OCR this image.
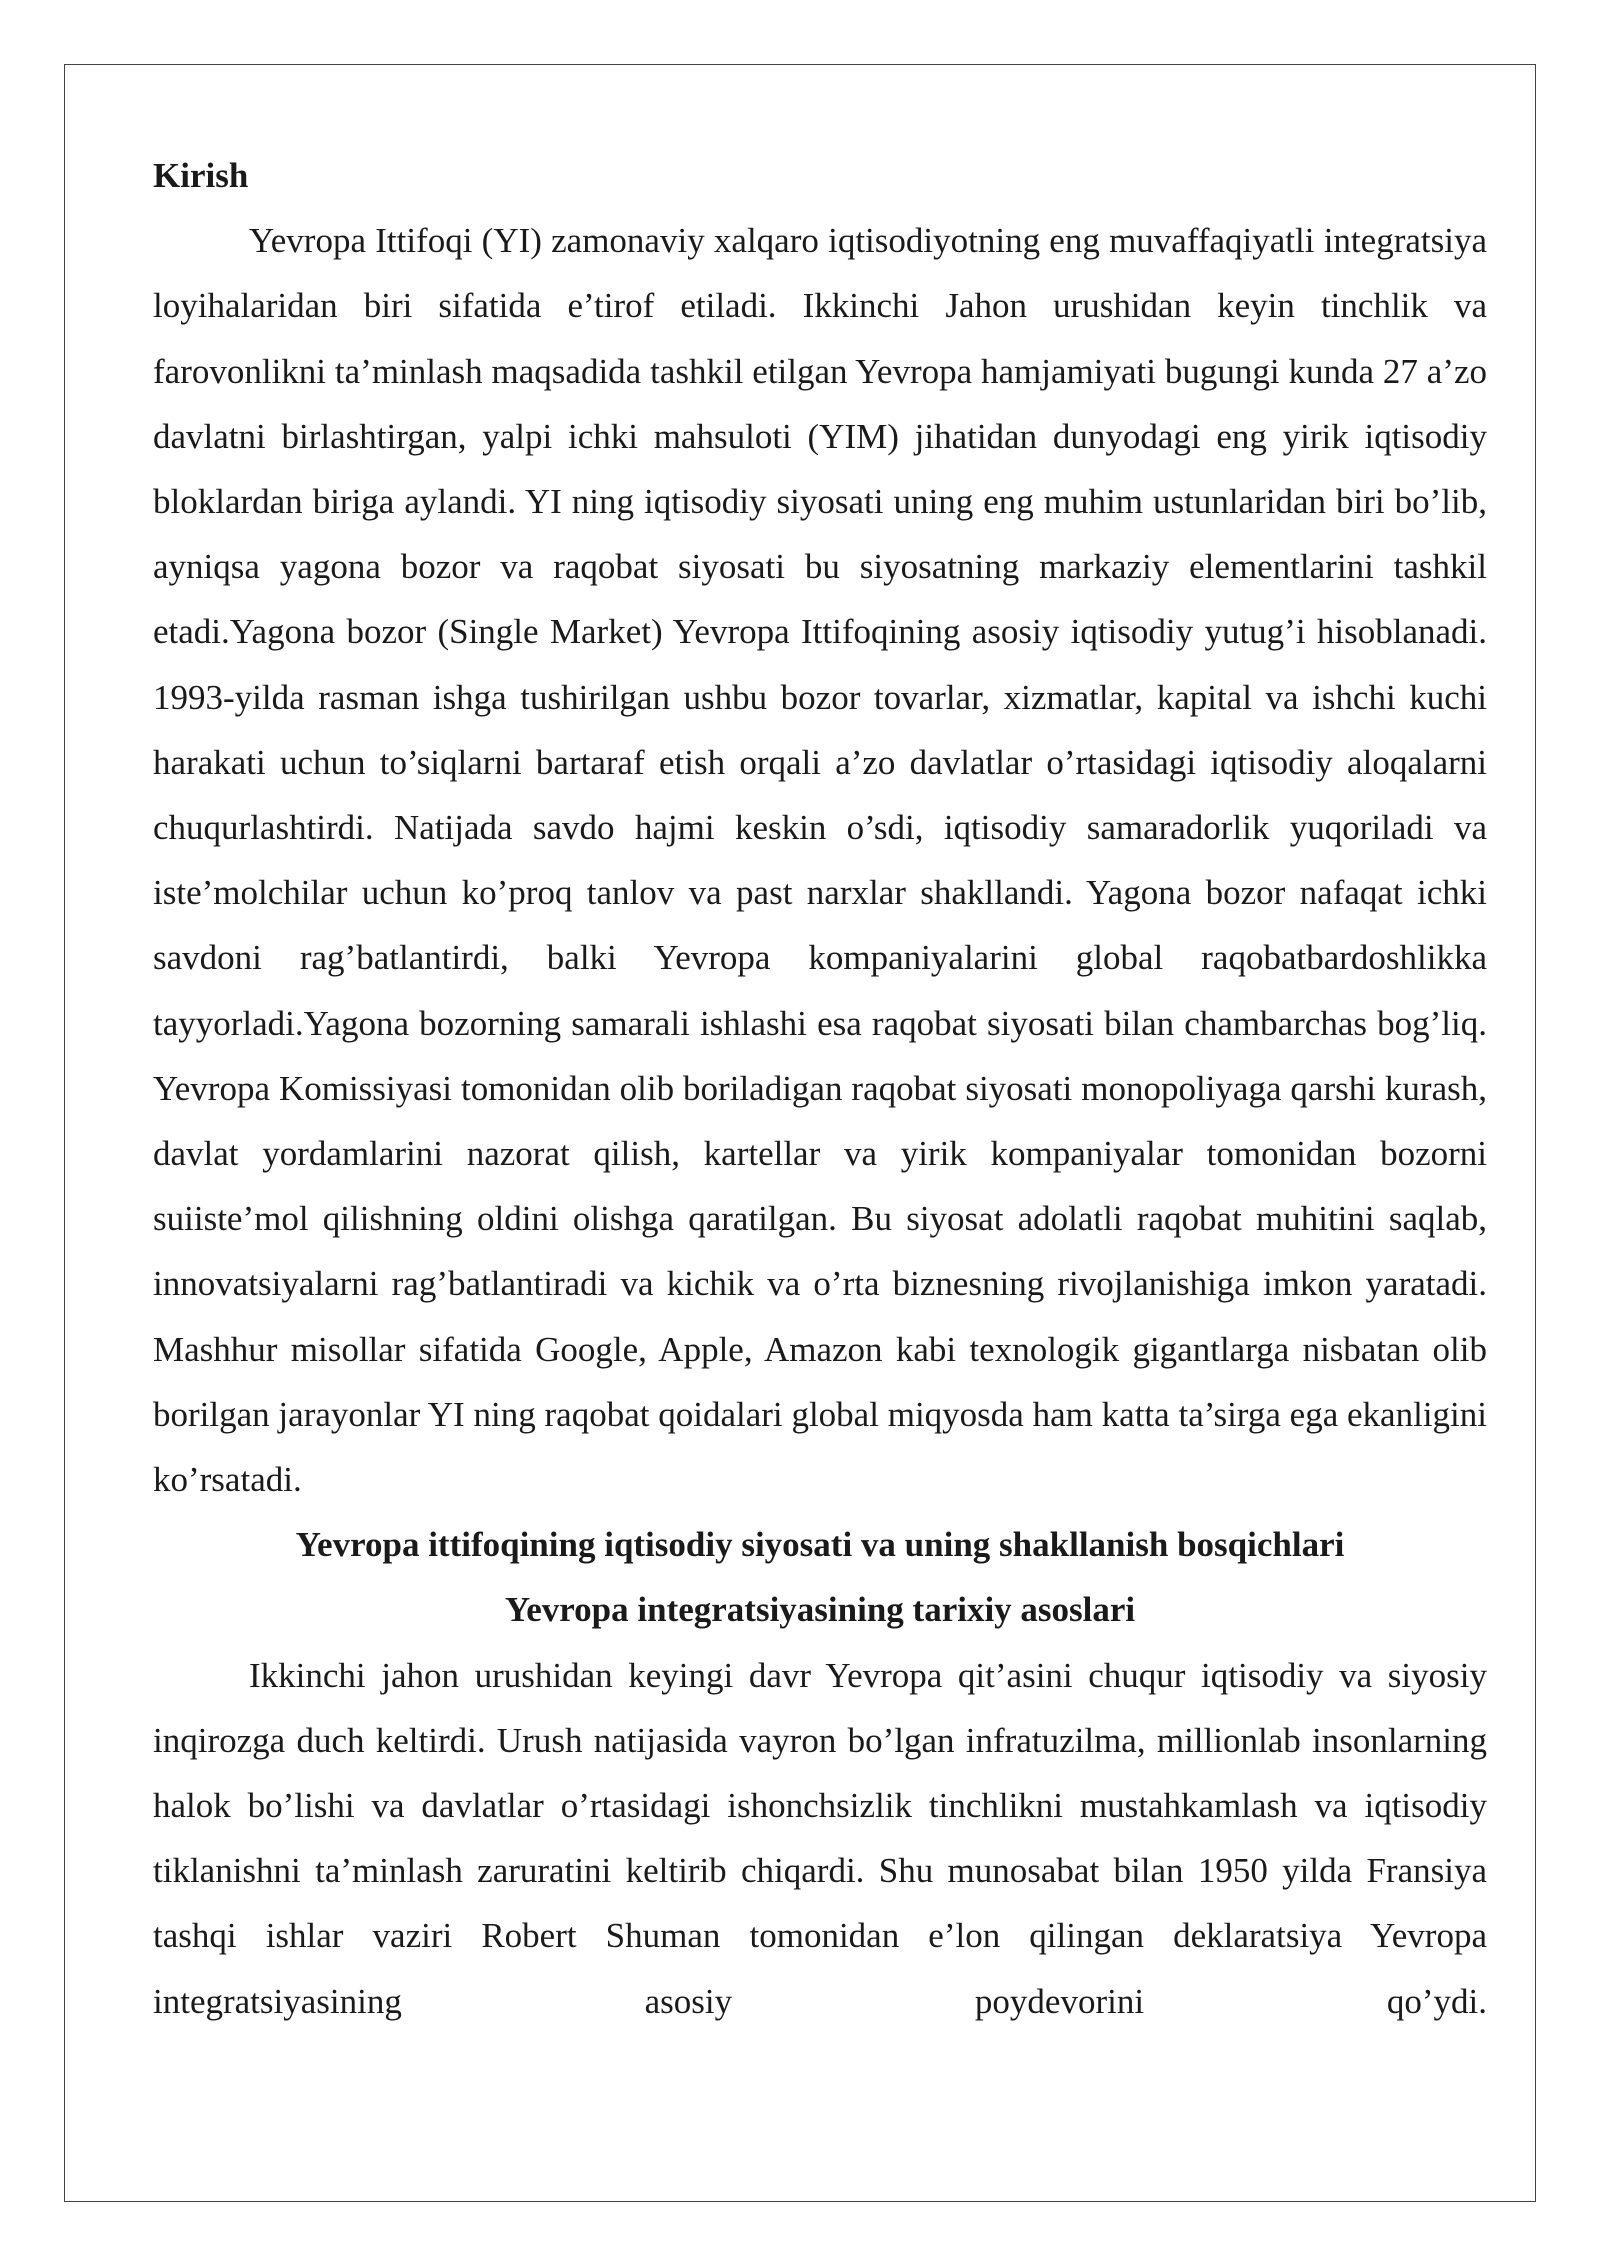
Kirish

Yevropa Ittifoqi (YI) zamonaviy xalqaro iqtisodiyotning eng muvaffaqiyatli integratsiya loyihalaridan biri sifatida e’tirof etiladi. Ikkinchi Jahon urushidan keyin tinchlik va farovonlikni ta’minlash maqsadida tashkil etilgan Yevropa hamjamiyati bugungi kunda 27 a’zo davlatni birlashtirgan, yalpi ichki mahsuloti (YIM) jihatidan dunyodagi eng yirik iqtisodiy bloklardan biriga aylandi. YI ning iqtisodiy siyosati uning eng muhim ustunlaridan biri bo’lib, ayniqsa yagona bozor va raqobat siyosati bu siyosatning markaziy elementlarini tashkil etadi.Yagona bozor (Single Market) Yevropa Ittifoqining asosiy iqtisodiy yutug’i hisoblanadi. 1993-yilda rasman ishga tushirilgan ushbu bozor tovarlar, xizmatlar, kapital va ishchi kuchi harakati uchun to’siqlarni bartaraf etish orqali a’zo davlatlar o’rtasidagi iqtisodiy aloqalarni chuqurlashtirdi. Natijada savdo hajmi keskin o’sdi, iqtisodiy samaradorlik yuqoriladi va iste’molchilar uchun ko’proq tanlov va past narxlar shakllandi. Yagona bozor nafaqat ichki savdoni rag’batlantirdi, balki Yevropa kompaniyalarini global raqobatbardoshlikka tayyorladi.Yagona bozorning samarali ishlashi esa raqobat siyosati bilan chambarchas bog’liq. Yevropa Komissiyasi tomonidan olib boriladigan raqobat siyosati monopoliyaga qarshi kurash, davlat yordamlarini nazorat qilish, kartellar va yirik kompaniyalar tomonidan bozorni suiiste’mol qilishning oldini olishga qaratilgan. Bu siyosat adolatli raqobat muhitini saqlab, innovatsiyalarni rag’batlantiradi va kichik va o’rta biznesning rivojlanishiga imkon yaratadi. Mashhur misollar sifatida Google, Apple, Amazon kabi texnologik gigantlarga nisbatan olib borilgan jarayonlar YI ning raqobat qoidalari global miqyosda ham katta ta’sirga ega ekanligini ko’rsatadi.

Yevropa ittifoqining iqtisodiy siyosati va uning shakllanish bosqichlari

Yevropa integratsiyasining tarixiy asoslari

Ikkinchi jahon urushidan keyingi davr Yevropa qit’asini chuqur iqtisodiy va siyosiy inqirozga duch keltirdi. Urush natijasida vayron bo’lgan infratuzilma, millionlab insonlarning halok bo’lishi va davlatlar o’rtasidagi ishonchsizlik tinchlikni mustahkamlash va iqtisodiy tiklanishni ta’minlash zaruratini keltirib chiqardi. Shu munosabat bilan 1950 yilda Fransiya tashqi ishlar vaziri Robert Shuman tomonidan e’lon qilingan deklaratsiya Yevropa integratsiyasining asosiy poydevorini qo’ydi.
